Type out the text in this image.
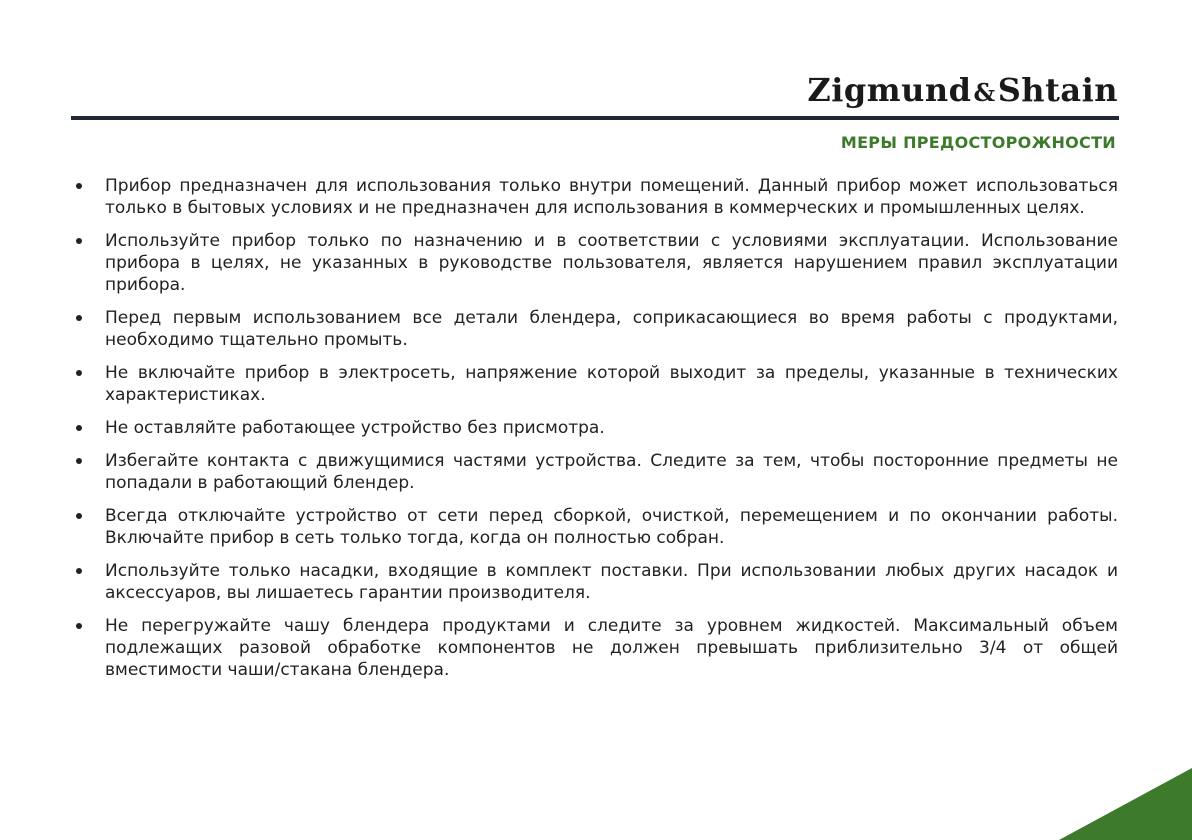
Zigmund&Shtain
МЕРЫ ПРЕДОСТОРОЖНОСТИ
Прибор предназначен для использования только внутри помещений. Данный прибор может использоваться только в бытовых условиях и не предназначен для использования в коммерческих и промышленных целях.
Используйте прибор только по назначению и в соответствии с условиями эксплуатации. Использование прибора в целях, не указанных в руководстве пользователя, является нарушением правил эксплуатации прибора.
Перед первым использованием все детали блендера, соприкасающиеся во время работы с продуктами, необходимо тщательно промыть.
Не включайте прибор в электросеть, напряжение которой выходит за пределы, указанные в технических характеристиках.
Не оставляйте работающее устройство без присмотра.
Избегайте контакта с движущимися частями устройства. Следите за тем, чтобы посторонние предметы не попадали в работающий блендер.
Всегда отключайте устройство от сети перед сборкой, очисткой, перемещением и по окончании работы. Включайте прибор в сеть только тогда, когда он полностью собран.
Используйте только насадки, входящие в комплект поставки. При использовании любых других насадок и аксессуаров, вы лишаетесь гарантии производителя.
Не перегружайте чашу блендера продуктами и следите за уровнем жидкостей. Максимальный объем подлежащих разовой обработке компонентов не должен превышать приблизительно 3/4 от общей вместимости чаши/стакана блендера.
